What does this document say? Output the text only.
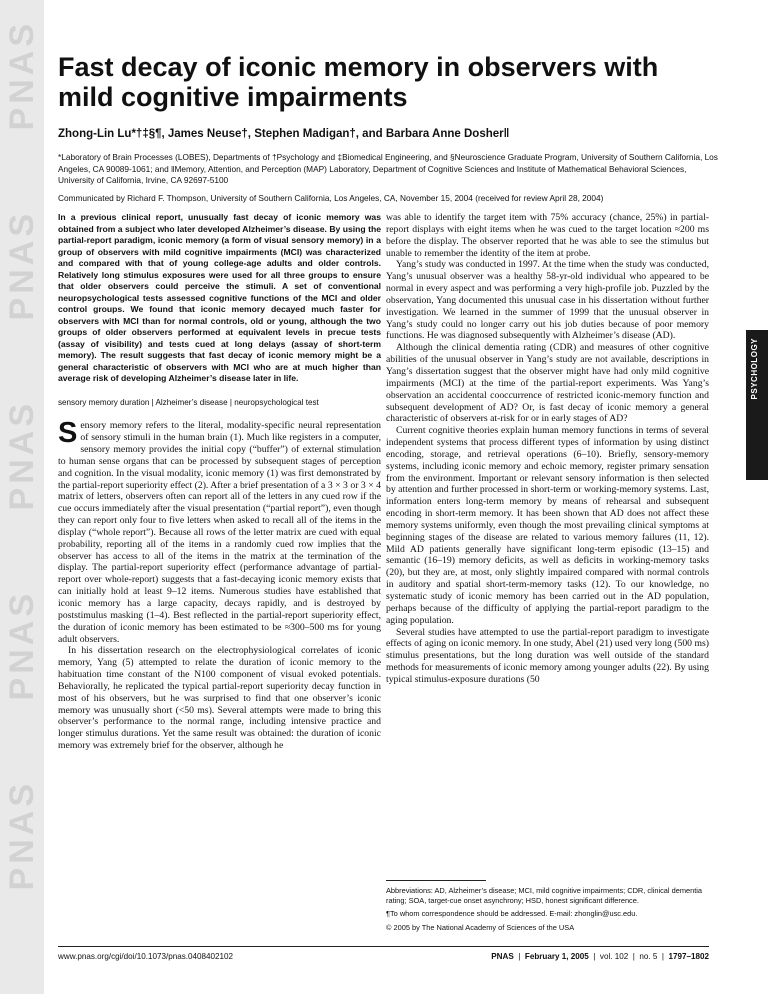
PNAS
PNAS
PNAS
PNAS
PNAS
PSYCHOLOGY
Fast decay of iconic memory in observers with mild cognitive impairments
Zhong-Lin Lu*†‡§¶, James Neuse†, Stephen Madigan†, and Barbara Anne Dosher‖
*Laboratory of Brain Processes (LOBES), Departments of †Psychology and ‡Biomedical Engineering, and §Neuroscience Graduate Program, University of Southern California, Los Angeles, CA 90089-1061; and ‖Memory, Attention, and Perception (MAP) Laboratory, Department of Cognitive Sciences and Institute of Mathematical Behavioral Sciences, University of California, Irvine, CA 92697-5100
Communicated by Richard F. Thompson, University of Southern California, Los Angeles, CA, November 15, 2004 (received for review April 28, 2004)

In a previous clinical report, unusually fast decay of iconic memory was obtained from a subject who later developed Alzheimer’s disease. By using the partial-report paradigm, iconic memory (a form of visual sensory memory) in a group of observers with mild cognitive impairments (MCI) was characterized and compared with that of young college-age adults and older controls. Relatively long stimulus exposures were used for all three groups to ensure that older observers could perceive the stimuli. A set of conventional neuropsychological tests assessed cognitive functions of the MCI and older control groups. We found that iconic memory decayed much faster for observers with MCI than for normal controls, old or young, although the two groups of older observers performed at equivalent levels in precue tests (assay of visibility) and tests cued at long delays (assay of short-term memory). The result suggests that fast decay of iconic memory might be a general characteristic of observers with MCI who are at much higher than average risk of developing Alzheimer’s disease later in life.

sensory memory duration | Alzheimer’s disease | neuropsychological test

Sensory memory refers to the literal, modality-specific neural representation of sensory stimuli in the human brain (1). Much like registers in a computer, sensory memory provides the initial copy (“buffer”) of external stimulation to human sense organs that can be processed by subsequent stages of perception and cognition. In the visual modality, iconic memory (1) was first demonstrated by the partial-report superiority effect (2). After a brief presentation of a 3 × 3 or 3 × 4 matrix of letters, observers often can report all of the letters in any cued row if the cue occurs immediately after the visual presentation (“partial report”), even though they can report only four to five letters when asked to recall all of the items in the display (“whole report”). Because all rows of the letter matrix are cued with equal probability, reporting all of the items in a randomly cued row implies that the observer has access to all of the items in the matrix at the termination of the display. The partial-report superiority effect (performance advantage of partial-report over whole-report) suggests that a fast-decaying iconic memory exists that can initially hold at least 9–12 items. Numerous studies have established that iconic memory has a large capacity, decays rapidly, and is destroyed by poststimulus masking (1–4). Best reflected in the partial-report superiority effect, the duration of iconic memory has been estimated to be ≈300–500 ms for young adult observers.

In his dissertation research on the electrophysiological correlates of iconic memory, Yang (5) attempted to relate the duration of iconic memory to the habituation time constant of the N100 component of visual evoked potentials. Behaviorally, he replicated the typical partial-report superiority decay function in most of his observers, but he was surprised to find that one observer’s iconic memory was unusually short (<50 ms). Several attempts were made to bring this observer’s performance to the normal range, including intensive practice and longer stimulus durations. Yet the same result was obtained: the duration of iconic memory was extremely brief for the observer, although he

was able to identify the target item with 75% accuracy (chance, 25%) in partial-report displays with eight items when he was cued to the target location ≈200 ms before the display. The observer reported that he was able to see the stimulus but unable to remember the identity of the item at probe.

Yang’s study was conducted in 1997. At the time when the study was conducted, Yang’s unusual observer was a healthy 58-yr-old individual who appeared to be normal in every aspect and was performing a very high-profile job. Puzzled by the observation, Yang documented this unusual case in his dissertation without further investigation. We learned in the summer of 1999 that the unusual observer in Yang’s study could no longer carry out his job duties because of poor memory functions. He was diagnosed subsequently with Alzheimer’s disease (AD).

Although the clinical dementia rating (CDR) and measures of other cognitive abilities of the unusual observer in Yang’s study are not available, descriptions in Yang’s dissertation suggest that the observer might have had only mild cognitive impairments (MCI) at the time of the partial-report experiments. Was Yang’s observation an accidental cooccurrence of restricted iconic-memory function and subsequent development of AD? Or, is fast decay of iconic memory a general characteristic of observers at-risk for or in early stages of AD?

Current cognitive theories explain human memory functions in terms of several independent systems that process different types of information by using distinct encoding, storage, and retrieval operations (6–10). Briefly, sensory-memory systems, including iconic memory and echoic memory, register primary sensation from the environment. Important or relevant sensory information is then selected by attention and further processed in short-term or working-memory systems. Last, information enters long-term memory by means of rehearsal and subsequent encoding in short-term memory. It has been shown that AD does not affect these memory systems uniformly, even though the most prevailing clinical symptoms at beginning stages of the disease are related to various memory failures (11, 12). Mild AD patients generally have significant long-term episodic (13–15) and semantic (16–19) memory deficits, as well as deficits in working-memory tasks (20), but they are, at most, only slightly impaired compared with normal controls in auditory and spatial short-term-memory tasks (12). To our knowledge, no systematic study of iconic memory has been carried out in the AD population, perhaps because of the difficulty of applying the partial-report paradigm to the aging population.

Several studies have attempted to use the partial-report paradigm to investigate effects of aging on iconic memory. In one study, Abel (21) used very long (500 ms) stimulus presentations, but the long duration was well outside of the standard methods for measurements of iconic memory among younger adults (22). By using typical stimulus-exposure durations (50

Abbreviations: AD, Alzheimer’s disease; MCI, mild cognitive impairments; CDR, clinical dementia rating; SOA, target-cue onset asynchrony; HSD, honest significant difference.

¶To whom correspondence should be addressed. E-mail: zhonglin@usc.edu.

© 2005 by The National Academy of Sciences of the USA

www.pnas.org/cgi/doi/10.1073/pnas.0408402102	PNAS | February 1, 2005 | vol. 102 | no. 5 | 1797–1802
